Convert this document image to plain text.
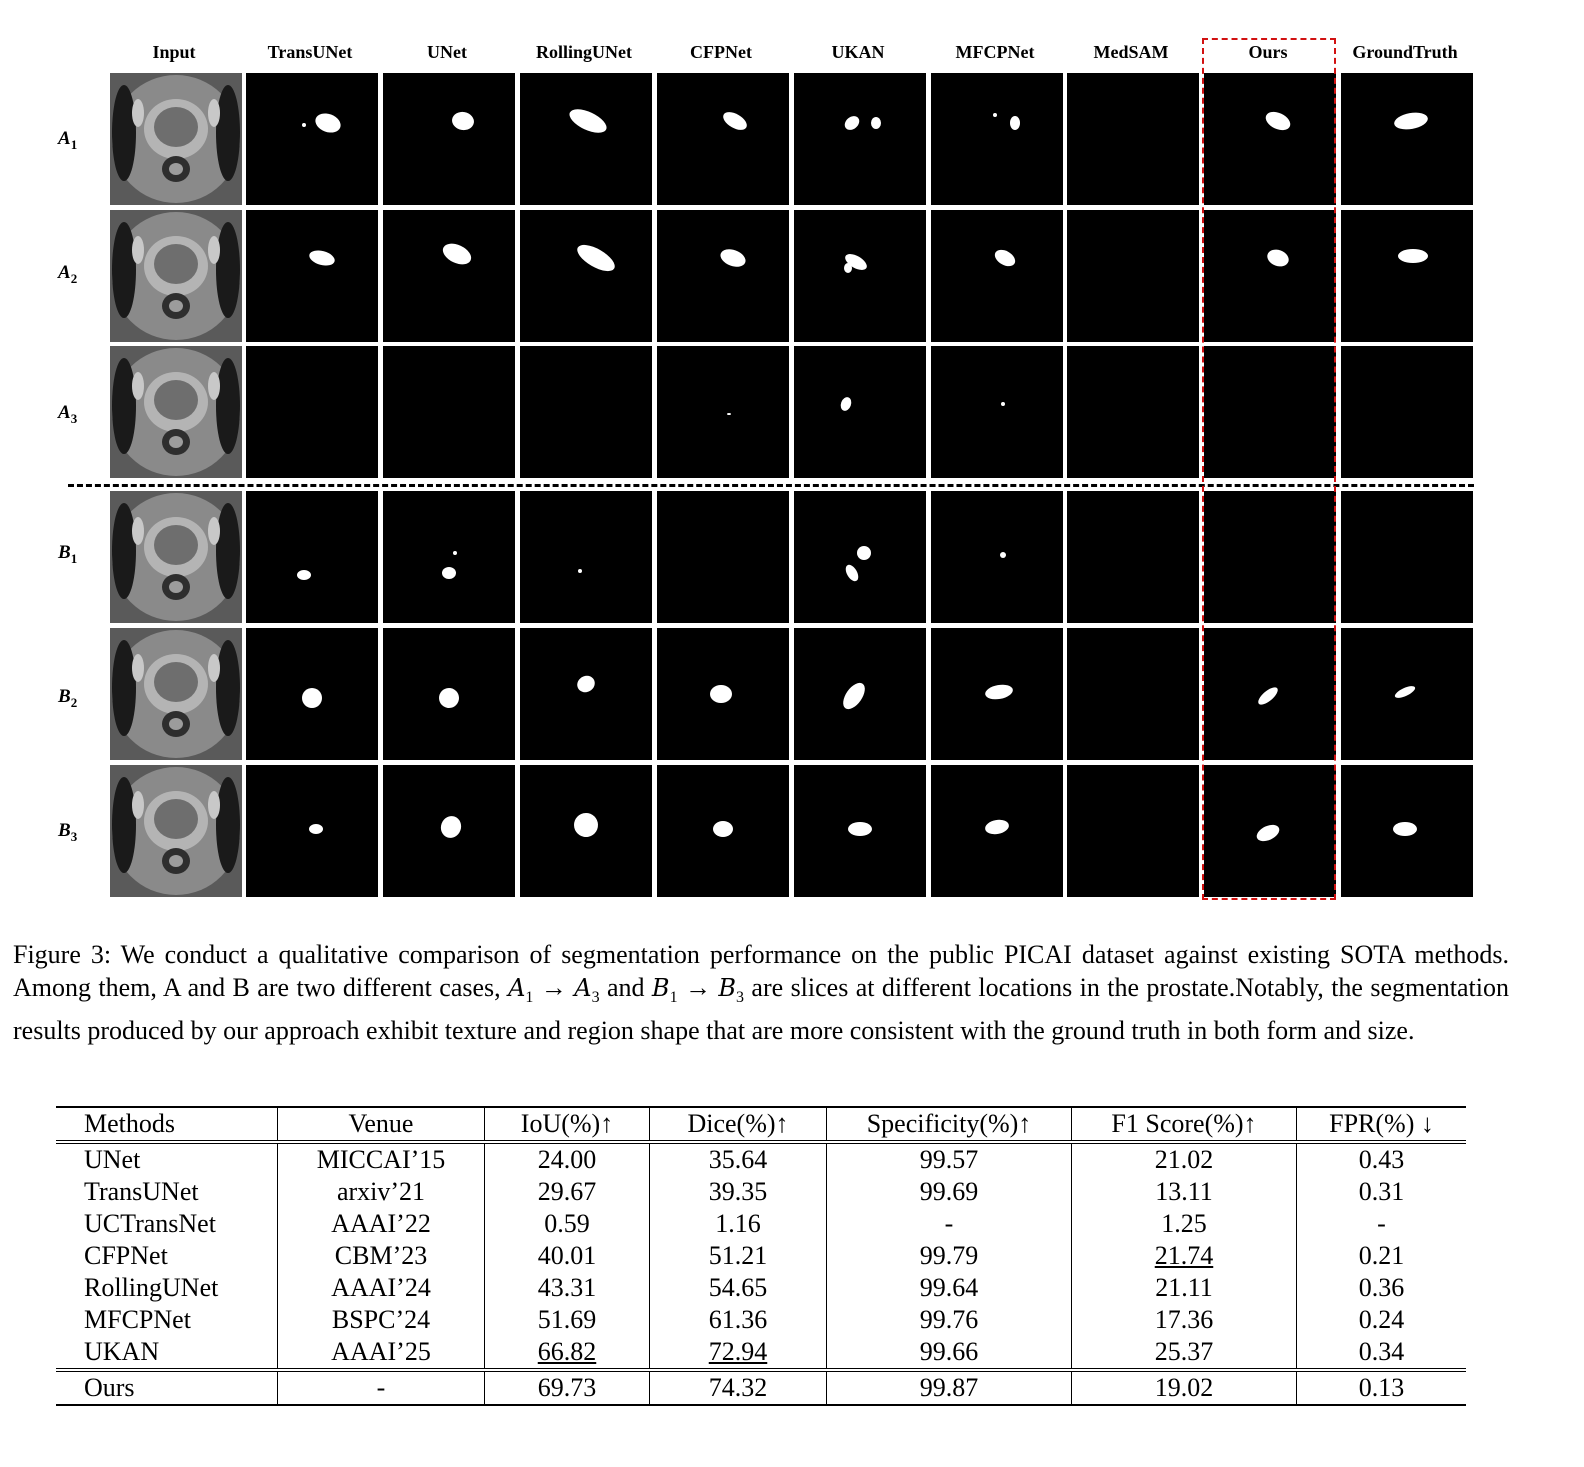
Input	TransUNet	UNet	RollingUNet	CFPNet	UKAN	MFCPNet	MedSAM	Ours	GroundTruth
$A_1$
$A_2$
$A_3$
$B_1$
$B_2$
$B_3$
Figure 3: We conduct a qualitative comparison of segmentation performance on the public PICAI dataset against existing SOTA methods. Among them, A and B are two different cases, $A_1 \to A_3$ and $B_1 \to B_3$ are slices at different locations in the prostate.Notably, the segmentation results produced by our approach exhibit texture and region shape that are more consistent with the ground truth in both form and size.
Methods	Venue	IoU(%)↑	Dice(%)↑	Specificity(%)↑	F1 Score(%)↑	FPR(%) ↓
UNet	MICCAI’15	24.00	35.64	99.57	21.02	0.43
TransUNet	arxiv’21	29.67	39.35	99.69	13.11	0.31
UCTransNet	AAAI’22	0.59	1.16	-	1.25	-
CFPNet	CBM’23	40.01	51.21	99.79	21.74	0.21
RollingUNet	AAAI’24	43.31	54.65	99.64	21.11	0.36
MFCPNet	BSPC’24	51.69	61.36	99.76	17.36	0.24
UKAN	AAAI’25	66.82	72.94	99.66	25.37	0.34
Ours	-	69.73	74.32	99.87	19.02	0.13
